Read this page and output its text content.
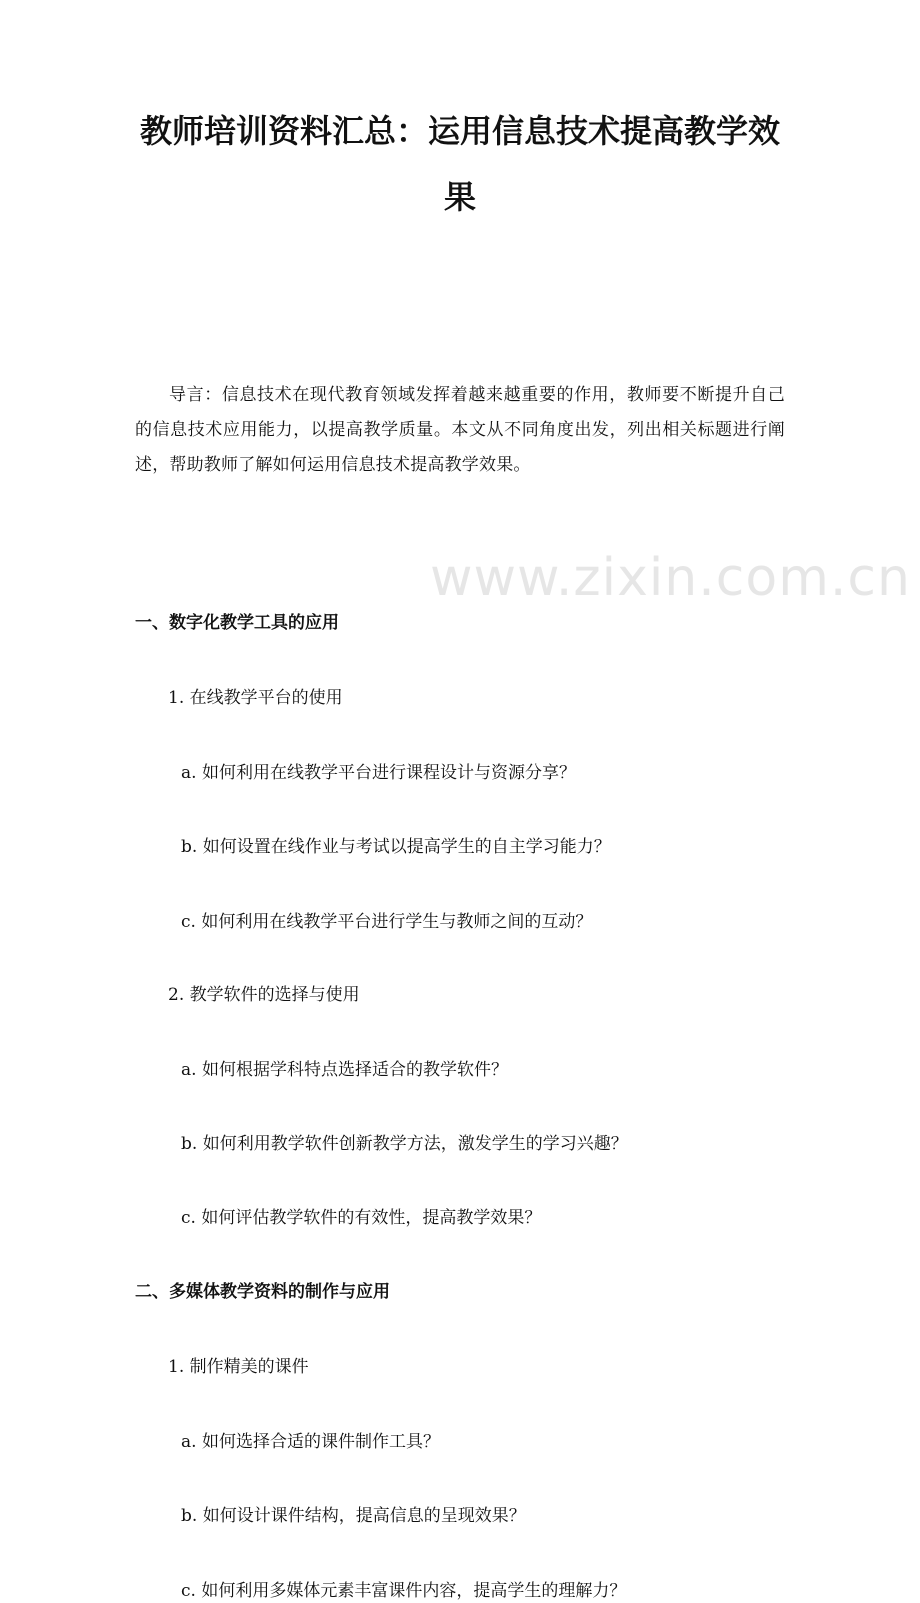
www.zixin.com.cn
教师培训资料汇总：运用信息技术提高教学效果

导言：信息技术在现代教育领域发挥着越来越重要的作用，教师要不断提升自己的信息技术应用能力，以提高教学质量。本文从不同角度出发，列出相关标题进行阐述，帮助教师了解如何运用信息技术提高教学效果。

一、数字化教学工具的应用

1. 在线教学平台的使用

a. 如何利用在线教学平台进行课程设计与资源分享？

b. 如何设置在线作业与考试以提高学生的自主学习能力？

c. 如何利用在线教学平台进行学生与教师之间的互动？

2. 教学软件的选择与使用

a. 如何根据学科特点选择适合的教学软件？

b. 如何利用教学软件创新教学方法，激发学生的学习兴趣？

c. 如何评估教学软件的有效性，提高教学效果？

二、多媒体教学资料的制作与应用

1. 制作精美的课件

a. 如何选择合适的课件制作工具？

b. 如何设计课件结构，提高信息的呈现效果？

c. 如何利用多媒体元素丰富课件内容，提高学生的理解力？
